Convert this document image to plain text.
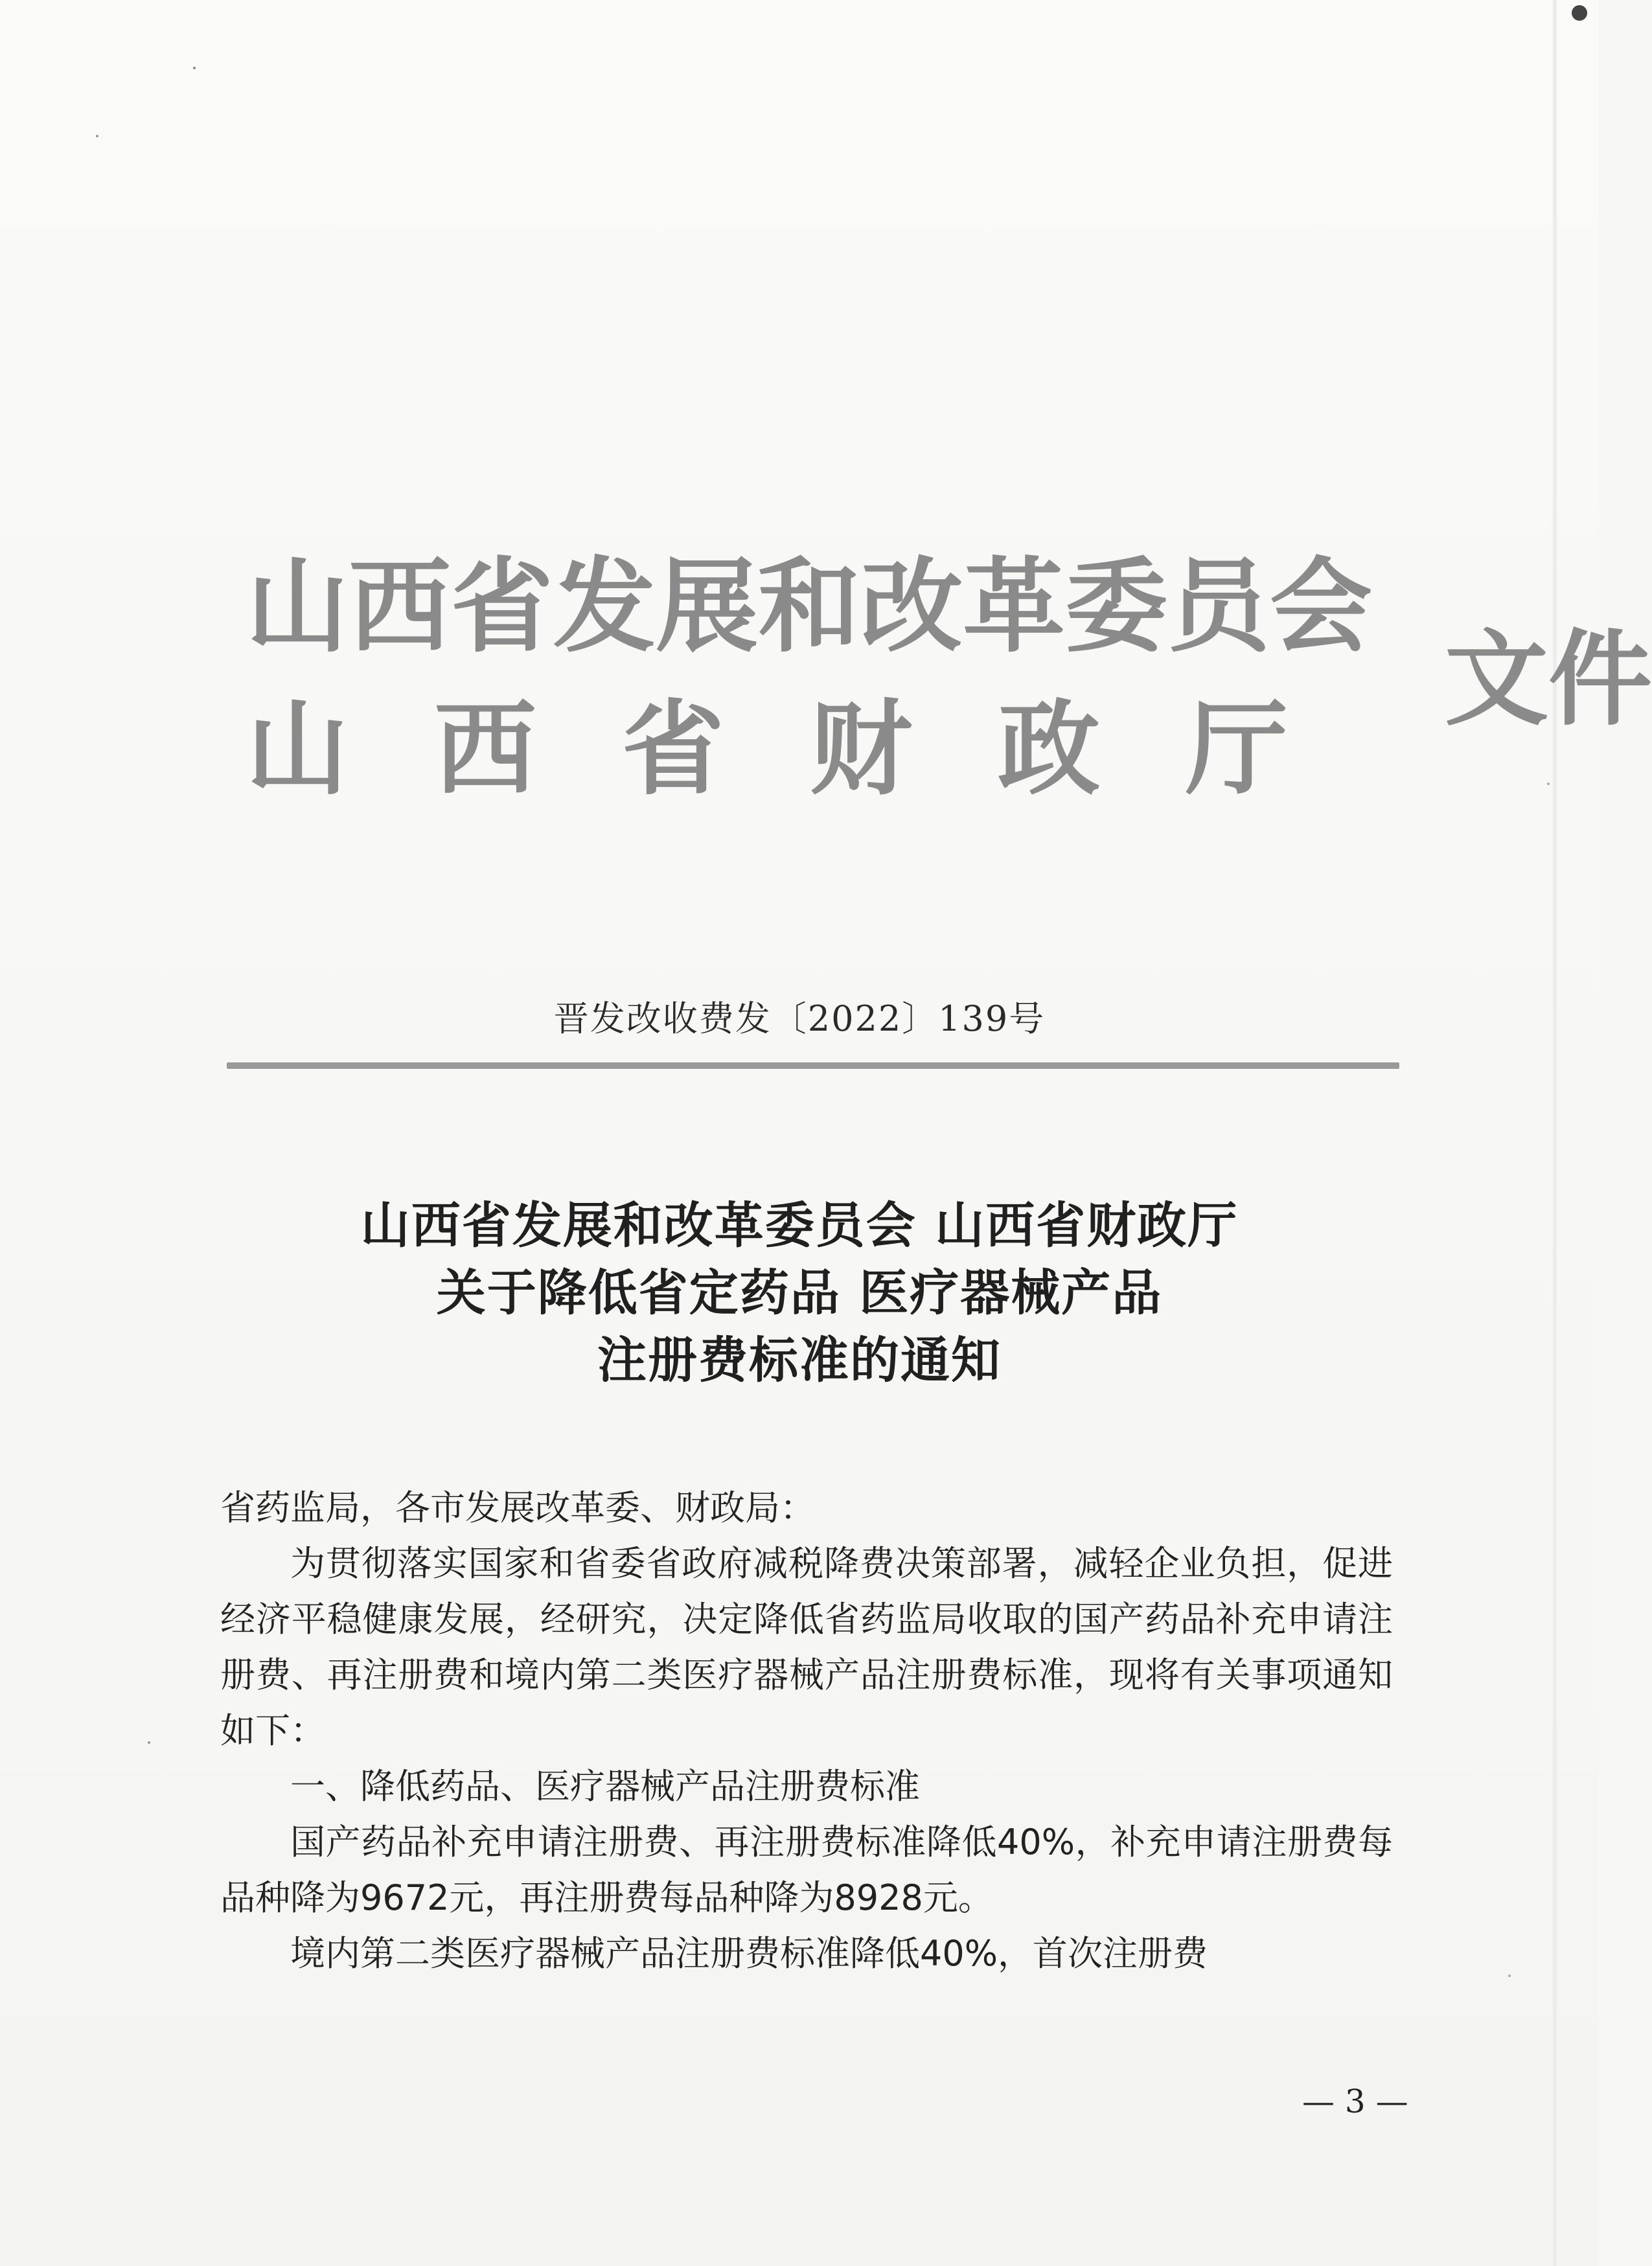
山西省发展和改革委员会
山西省财政厅
文件
晋发改收费发〔2022〕139号
山西省发展和改革委员会 山西省财政厅
关于降低省定药品 医疗器械产品
注册费标准的通知

省药监局，各市发展改革委、财政局：

为贯彻落实国家和省委省政府减税降费决策部署，减轻企业负担，促进经济平稳健康发展，经研究，决定降低省药监局收取的国产药品补充申请注册费、再注册费和境内第二类医疗器械产品注册费标准，现将有关事项通知如下：

一、降低药品、医疗器械产品注册费标准

国产药品补充申请注册费、再注册费标准降低40%，补充申请注册费每品种降为9672元，再注册费每品种降为8928元。

境内第二类医疗器械产品注册费标准降低40%，首次注册费

— 3 —
